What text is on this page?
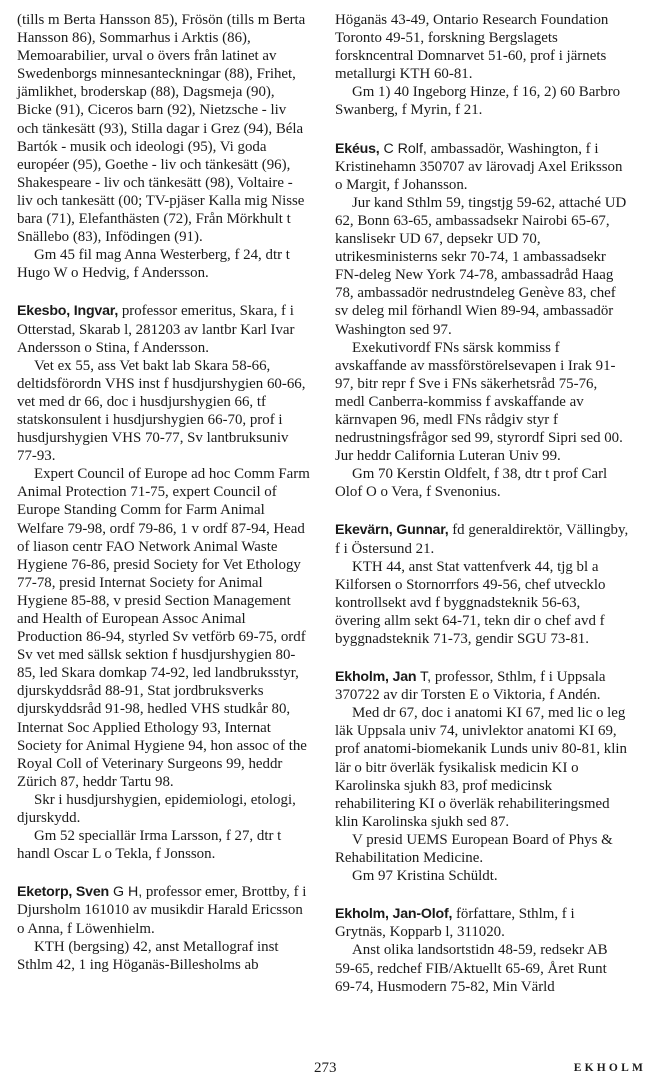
(tills m Berta Hansson 85), Frösön (tills m Berta Hansson 86), Sommarhus i Arktis (86), Memoarabilier, urval o övers från latinet av Swedenborgs minnesanteckningar (88), Frihet, jämlikhet, broderskap (88), Dagsmeja (90), Bicke (91), Ciceros barn (92), Nietzsche - liv och tänkesätt (93), Stilla dagar i Grez (94), Béla Bartók - musik och ideologi (95), Vi goda européer (95), Goethe - liv och tänkesätt (96), Shakespeare - liv och tänkesätt (98), Voltaire - liv och tankesätt (00; TV-pjäser Kalla mig Nisse bara (71), Elefanthästen (72), Från Mörkhult t Snällebo (83), Infödingen (91).

Gm 45 fil mag Anna Westerberg, f 24, dtr t Hugo W o Hedvig, f Andersson.

Ekesbo, Ingvar, professor emeritus, Skara, f i Otterstad, Skarab l, 281203 av lantbr Karl Ivar Andersson o Stina, f Andersson.

Vet ex 55, ass Vet bakt lab Skara 58-66, deltidsförordn VHS inst f husdjurshygien 60-66, vet med dr 66, doc i husdjurshygien 66, tf statskonsulent i husdjurshygien 66-70, prof i husdjurshygien VHS 70-77, Sv lantbruksuniv 77-93.

Expert Council of Europe ad hoc Comm Farm Animal Protection 71-75, expert Council of Europe Standing Comm for Farm Animal Welfare 79-98, ordf 79-86, 1 v ordf 87-94, Head of liason centr FAO Network Animal Waste Hygiene 76-86, presid Society for Vet Ethology 77-78, presid Internat Society for Animal Hygiene 85-88, v presid Section Management and Health of European Assoc Animal Production 86-94, styrled Sv vetförb 69-75, ordf Sv vet med sällsk sektion f husdjurshygien 80-85, led Skara domkap 74-92, led landbruksstyr, djurskyddsråd 88-91, Stat jordbruksverks djurskyddsråd 91-98, hedled VHS studkår 80, Internat Soc Applied Ethology 93, Internat Society for Animal Hygiene 94, hon assoc of the Royal Coll of Veterinary Surgeons 99, heddr Zürich 87, heddr Tartu 98.

Skr i husdjurshygien, epidemiologi, etologi, djurskydd.

Gm 52 speciallär Irma Larsson, f 27, dtr t handl Oscar L o Tekla, f Jonsson.

Eketorp, Sven G H, professor emer, Brottby, f i Djursholm 161010 av musikdir Harald Ericsson o Anna, f Löwenhielm.

KTH (bergsing) 42, anst Metallograf inst Sthlm 42, 1 ing Höganäs-Billesholms ab

Höganäs 43-49, Ontario Research Foundation Toronto 49-51, forskning Bergslagets forskncentral Domnarvet 51-60, prof i järnets metallurgi KTH 60-81.

Gm 1) 40 Ingeborg Hinze, f 16, 2) 60 Barbro Swanberg, f Myrin, f 21.

Ekéus, C Rolf, ambassadör, Washington, f i Kristinehamn 350707 av lärovadj Axel Eriksson o Margit, f Johansson.

Jur kand Sthlm 59, tingstjg 59-62, attaché UD 62, Bonn 63-65, ambassadsekr Nairobi 65-67, kanslisekr UD 67, depsekr UD 70, utrikesministerns sekr 70-74, 1 ambassadsekr FN-deleg New York 74-78, ambassadråd Haag 78, ambassadör nedrustndeleg Genève 83, chef sv deleg mil förhandl Wien 89-94, ambassadör Washington sed 97.

Exekutivordf FNs särsk kommiss f avskaffande av massförstörelsevapen i Irak 91-97, bitr repr f Sve i FNs säkerhetsråd 75-76, medl Canberra-kommiss f avskaffande av kärnvapen 96, medl FNs rådgiv styr f nedrustningsfrågor sed 99, styrordf Sipri sed 00. Jur heddr California Luteran Univ 99.

Gm 70 Kerstin Oldfelt, f 38, dtr t prof Carl Olof O o Vera, f Svenonius.

Ekevärn, Gunnar, fd generaldirektör, Vällingby, f i Östersund 21.

KTH 44, anst Stat vattenfverk 44, tjg bl a Kilforsen o Stornorrfors 49-56, chef utvecklo kontrollsekt avd f byggnadsteknik 56-63, övering allm sekt 64-71, tekn dir o chef avd f byggnadsteknik 71-73, gendir SGU 73-81.

Ekholm, Jan T, professor, Sthlm, f i Uppsala 370722 av dir Torsten E o Viktoria, f Andén.

Med dr 67, doc i anatomi KI 67, med lic o leg läk Uppsala univ 74, univlektor anatomi KI 69, prof anatomi-biomekanik Lunds univ 80-81, klin lär o bitr överläk fysikalisk medicin KI o Karolinska sjukh 83, prof medicinsk rehabilitering KI o överläk rehabiliteringsmed klin Karolinska sjukh sed 87.

V presid UEMS European Board of Phys & Rehabilitation Medicine.

Gm 97 Kristina Schüldt.

Ekholm, Jan-Olof, författare, Sthlm, f i Grytnäs, Kopparb l, 311020.

Anst olika landsortstidn 48-59, redsekr AB 59-65, redchef FIB/Aktuellt 65-69, Året Runt 69-74, Husmodern 75-82, Min Värld

273	EKHOLM
